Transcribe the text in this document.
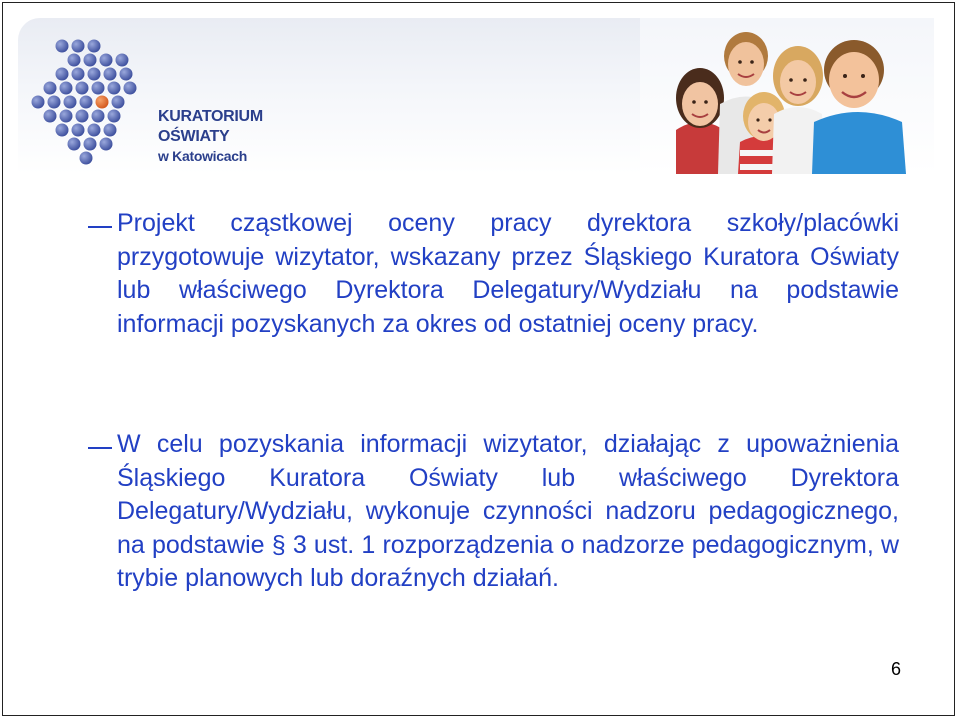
KURATORIUM
OŚWIATY
w Katowicach
Projekt cząstkowej oceny pracy dyrektora szkoły/placówki przygotowuje wizytator, wskazany przez Śląskiego Kuratora Oświaty lub właściwego Dyrektora Delegatury/Wydziału na podstawie informacji pozyskanych za okres od ostatniej oceny pracy.
W celu pozyskania informacji wizytator, działając z upoważnienia Śląskiego Kuratora Oświaty lub właściwego Dyrektora Delegatury/Wydziału, wykonuje czynności nadzoru pedagogicznego, na podstawie § 3 ust. 1 rozporządzenia o nadzorze pedagogicznym, w trybie planowych lub doraźnych działań.
6
